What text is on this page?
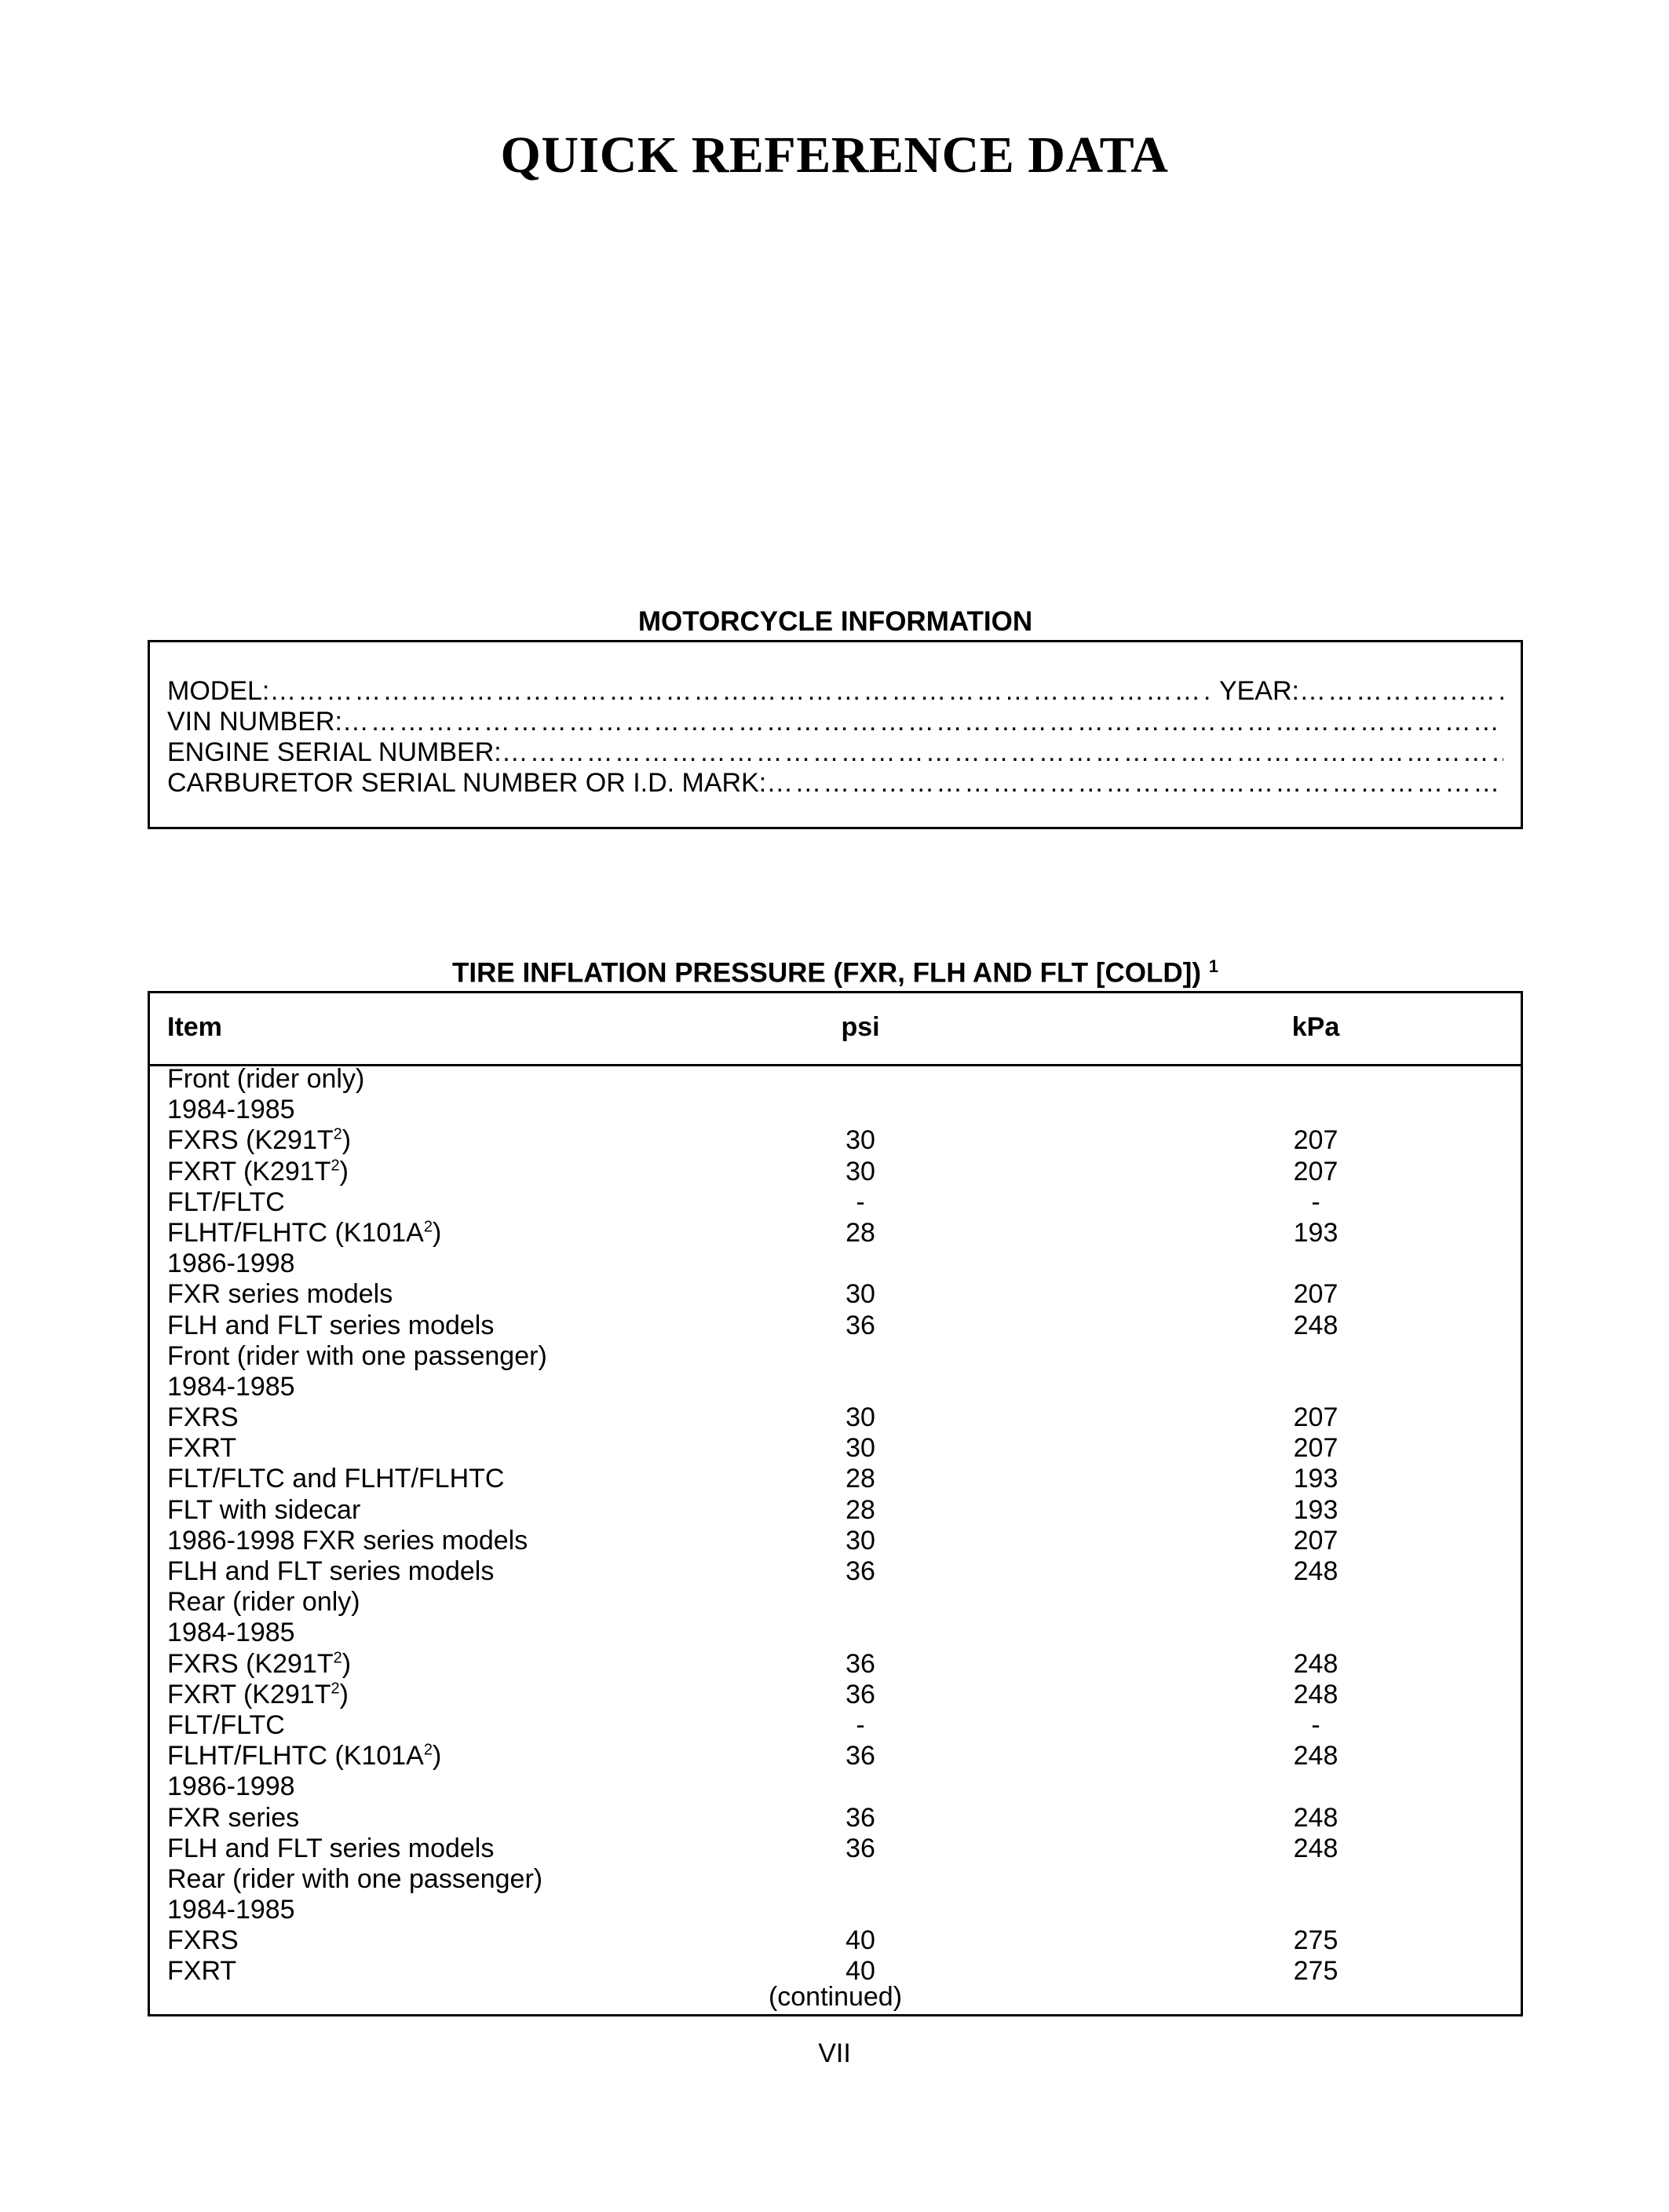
QUICK REFERENCE DATA
MOTORCYCLE INFORMATION
MODEL:
………………………………………………………………………………………………………………………………………………………………………………………………	YEAR:
………………………………………………
VIN NUMBER:
………………………………………………………………………………………………………………………………………………………………………………………………
ENGINE SERIAL NUMBER:
………………………………………………………………………………………………………………………………………………………………………………………………
CARBURETOR SERIAL NUMBER OR I.D. MARK:
………………………………………………………………………………………………………………………………………………………………………………………………
TIRE INFLATION PRESSURE (FXR, FLH AND FLT [COLD]) $^1$
Item	psi	kPa
Front (rider only)
1984-1985
FXRS $(K291T^2)$	30	207
FXRT $(K291T^2)$	30	207
FLT/FLTC	-	-
FLHT/FLHTC $(K101A^2)$	28	193
1986-1998
FXR series models	30	207
FLH and FLT series models	36	248
Front (rider with one passenger)
1984-1985
FXRS	30	207
FXRT	30	207
FLT/FLTC and FLHT/FLHTC	28	193
FLT with sidecar	28	193
1986-1998 FXR series models	30	207
FLH and FLT series models	36	248
Rear (rider only)
1984-1985
FXRS $(K291T^2)$	36	248
FXRT $(K291T^2)$	36	248
FLT/FLTC	-	-
FLHT/FLHTC $(K101A^2)$	36	248
1986-1998
FXR series	36	248
FLH and FLT series models	36	248
Rear (rider with one passenger)
1984-1985
FXRS	40	275
FXRT	40	275
(continued)
VII
